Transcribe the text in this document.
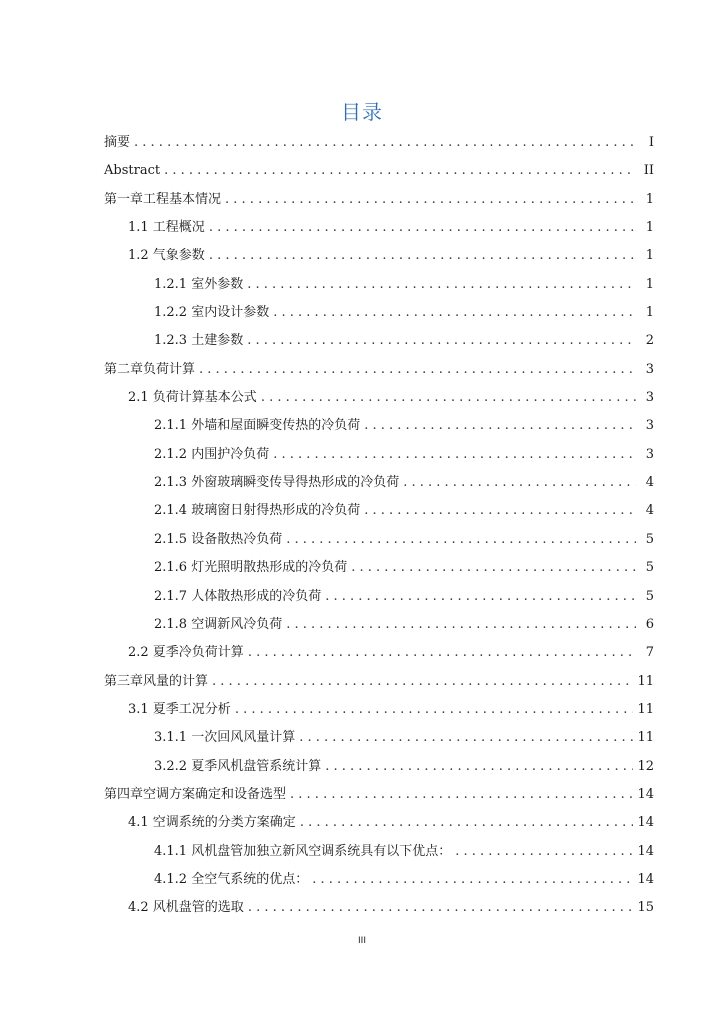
目录
摘要 . . .	I
Abstract . . .	II
第一章工程基本情况 . . .	1
1.1 工程概况 . . .	1
1.2 气象参数 . . .	1
1.2.1 室外参数 . . .	1
1.2.2 室内设计参数 . . .	1
1.2.3 土建参数 . . .	2
第二章负荷计算 . . .	3
2.1 负荷计算基本公式 . . .	3
2.1.1 外墙和屋面瞬变传热的冷负荷 . . .	3
2.1.2 内围护冷负荷 . . .	3
2.1.3 外窗玻璃瞬变传导得热形成的冷负荷 . . .	4
2.1.4 玻璃窗日射得热形成的冷负荷 . . .	4
2.1.5 设备散热冷负荷 . . .	5
2.1.6 灯光照明散热形成的冷负荷 . . .	5
2.1.7 人体散热形成的冷负荷 . . .	5
2.1.8 空调新风冷负荷 . . .	6
2.2 夏季冷负荷计算 . . .	7
第三章风量的计算 . . .	11
3.1 夏季工况分析 . . .	11
3.1.1 一次回风风量计算 . . .	11
3.2.2 夏季风机盘管系统计算 . . .	12
第四章空调方案确定和设备选型 . . .	14
4.1 空调系统的分类方案确定 . . .	14
4.1.1 风机盘管加独立新风空调系统具有以下优点： . . .	14
4.1.2 全空气系统的优点： . . .	14
4.2 风机盘管的选取 . . .	15
III
